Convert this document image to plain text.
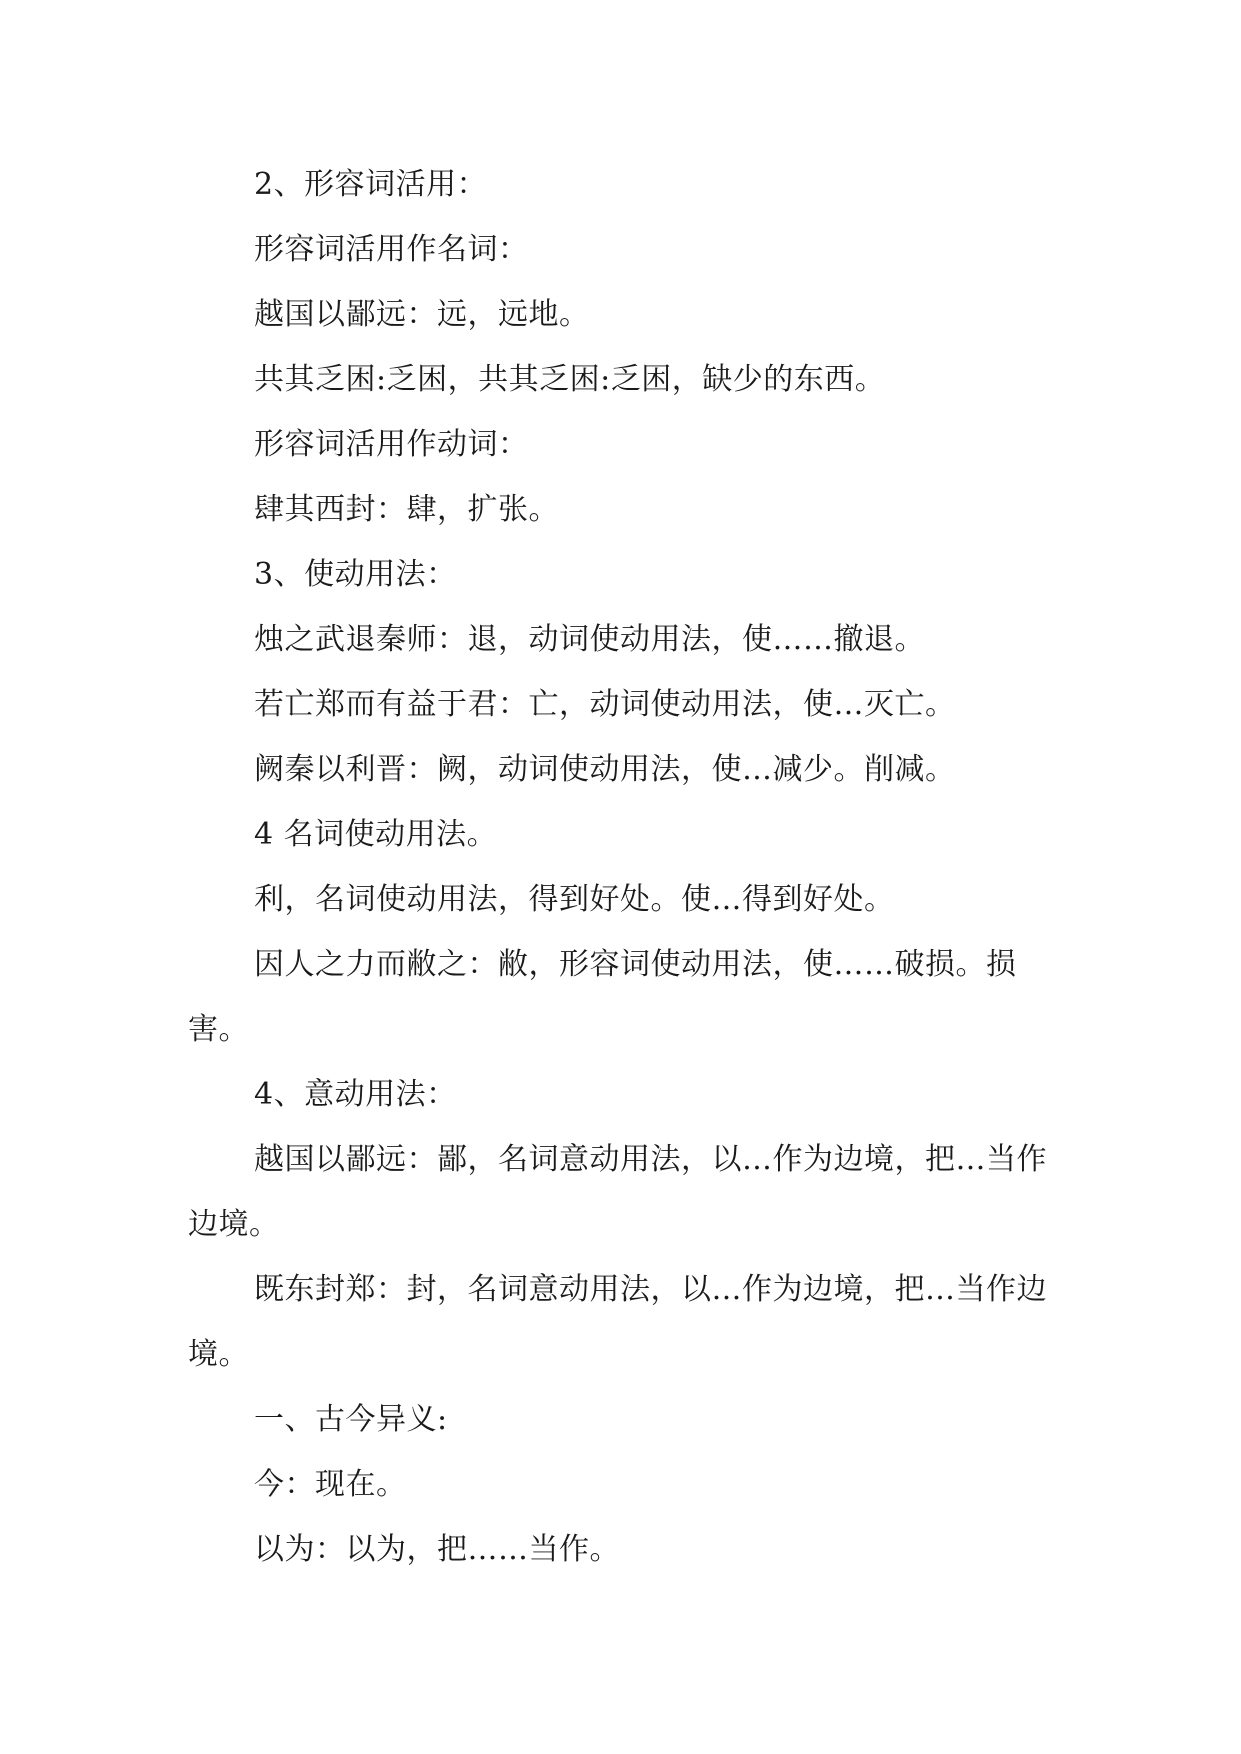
2、形容词活用：

形容词活用作名词：

越国以鄙远：远，远地。

共其乏困:乏困，共其乏困:乏困，缺少的东西。

形容词活用作动词：

肆其西封：肆，扩张。

3、使动用法：

烛之武退秦师：退，动词使动用法，使……撤退。

若亡郑而有益于君：亡，动词使动用法，使…灭亡。

阙秦以利晋：阙，动词使动用法，使…减少。削减。

4 名词使动用法。

利，名词使动用法，得到好处。使…得到好处。

因人之力而敝之：敝，形容词使动用法，使……破损。损害。

4、意动用法：

越国以鄙远：鄙，名词意动用法，以…作为边境，把…当作边境。

既东封郑：封，名词意动用法，以…作为边境，把…当作边境。

一、古今异义:

今：现在。

以为：以为，把……当作。
